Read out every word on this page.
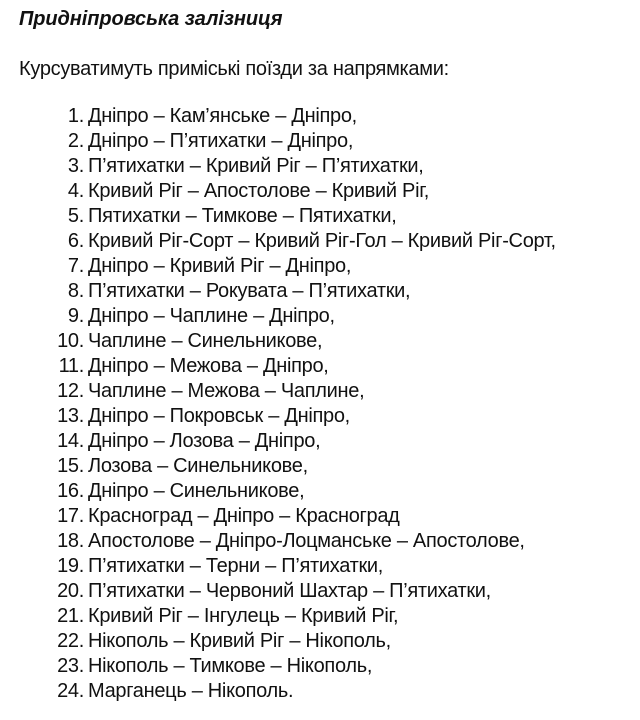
Придніпровська залізниця
Курсуватимуть приміські поїзди за напрямками:
1. Дніпро – Кам’янське – Дніпро,
2. Дніпро – П’ятихатки – Дніпро,
3. П’ятихатки – Кривий Ріг – П’ятихатки,
4. Кривий Ріг – Апостолове – Кривий Ріг,
5. Пятихатки – Тимкове – Пятихатки,
6. Кривий Ріг-Сорт – Кривий Ріг-Гол – Кривий Ріг-Сорт,
7. Дніпро – Кривий Ріг – Дніпро,
8. П’ятихатки – Рокувата – П’ятихатки,
9. Дніпро – Чаплине – Дніпро,
10. Чаплине – Синельникове,
11. Дніпро – Межова – Дніпро,
12. Чаплине – Межова – Чаплине,
13. Дніпро – Покровськ – Дніпро,
14. Дніпро – Лозова – Дніпро,
15. Лозова – Синельникове,
16. Дніпро – Синельникове,
17. Красноград – Дніпро – Красноград
18. Апостолове – Дніпро-Лоцманське – Апостолове,
19. П’ятихатки – Терни – П’ятихатки,
20. П’ятихатки – Червоний Шахтар – П’ятихатки,
21. Кривий Ріг – Інгулець – Кривий Ріг,
22. Нікополь – Кривий Ріг – Нікополь,
23. Нікополь – Тимкове – Нікополь,
24. Марганець – Нікополь.
